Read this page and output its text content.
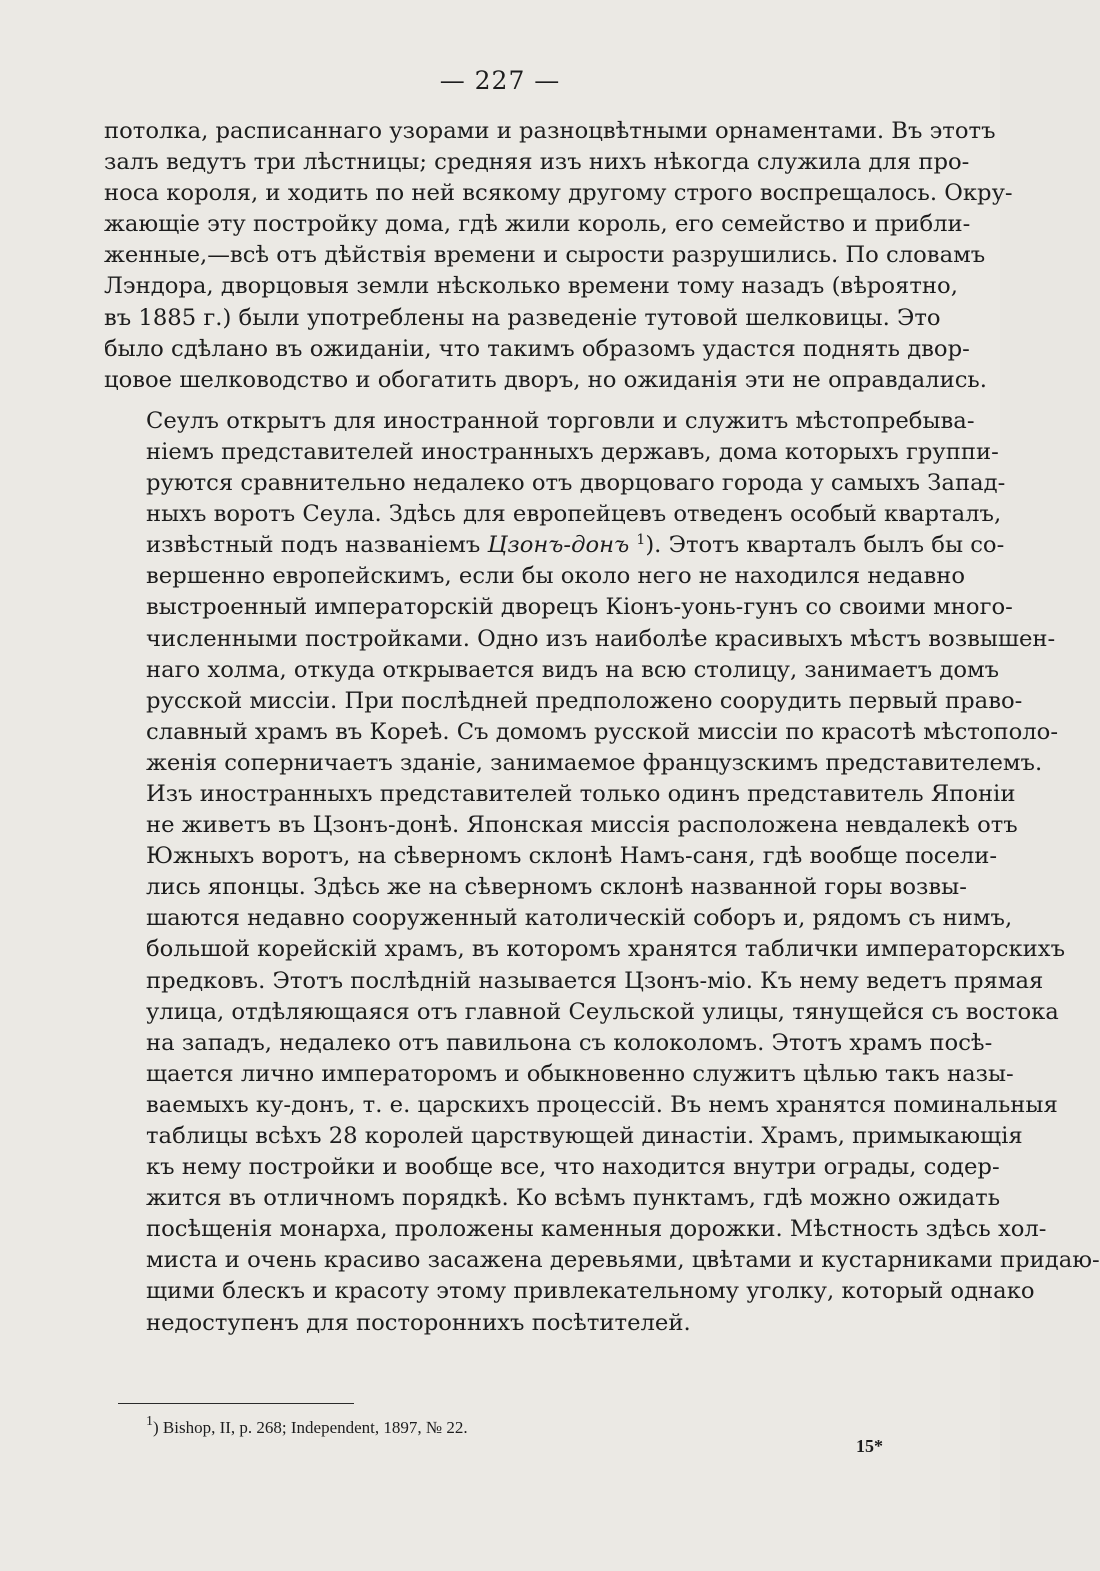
— 227 —

потолка, расписаннаго узорами и разноцвѣтными орнаментами. Въ этотъ
залъ ведутъ три лѣстницы; средняя изъ нихъ нѣкогда служила для про-
носа короля, и ходить по ней всякому другому строго воспрещалось. Окру-
жающіе эту постройку дома, гдѣ жили король, его семейство и прибли-
женные,—всѣ отъ дѣйствія времени и сырости разрушились. По словамъ
Лэндора, дворцовыя земли нѣсколько времени тому назадъ (вѣроятно,
въ 1885 г.) были употреблены на разведеніе тутовой шелковицы. Это
было сдѣлано въ ожиданіи, что такимъ образомъ удастся поднять двор-
цовое шелководство и обогатить дворъ, но ожиданія эти не оправдались.

Сеулъ открытъ для иностранной торговли и служитъ мѣстопребыва-
ніемъ представителей иностранныхъ державъ, дома которыхъ группи-
руются сравнительно недалеко отъ дворцоваго города у самыхъ Запад-
ныхъ воротъ Сеула. Здѣсь для европейцевъ отведенъ особый кварталъ,
извѣстный подъ названіемъ Цзонъ-донъ $^1$). Этотъ кварталъ былъ бы со-
вершенно европейскимъ, если бы около него не находился недавно
выстроенный императорскій дворецъ Кіонъ-уонь-гунъ со своими много-
численными постройками. Одно изъ наиболѣе красивыхъ мѣстъ возвышен-
наго холма, откуда открывается видъ на всю столицу, занимаетъ домъ
русской миссіи. При послѣдней предположено соорудить первый право-
славный храмъ въ Кореѣ. Съ домомъ русской миссіи по красотѣ мѣстополо-
женія соперничаетъ зданіе, занимаемое французскимъ представителемъ.
Изъ иностранныхъ представителей только одинъ представитель Японіи
не живетъ въ Цзонъ-донѣ. Японская миссія расположена невдалекѣ отъ
Южныхъ воротъ, на сѣверномъ склонѣ Намъ-саня, гдѣ вообще посели-
лись японцы. Здѣсь же на сѣверномъ склонѣ названной горы возвы-
шаются недавно сооруженный католическій соборъ и, рядомъ съ нимъ,
большой корейскій храмъ, въ которомъ хранятся таблички императорскихъ
предковъ. Этотъ послѣдній называется Цзонъ-міо. Къ нему ведетъ прямая
улица, отдѣляющаяся отъ главной Сеульской улицы, тянущейся съ востока
на западъ, недалеко отъ павильона съ колоколомъ. Этотъ храмъ посѣ-
щается лично императоромъ и обыкновенно служитъ цѣлью такъ назы-
ваемыхъ ку-донъ, т. е. царскихъ процессій. Въ немъ хранятся поминальныя
таблицы всѣхъ 28 королей царствующей династіи. Храмъ, примыкающія
къ нему постройки и вообще все, что находится внутри ограды, содер-
жится въ отличномъ порядкѣ. Ко всѣмъ пунктамъ, гдѣ можно ожидать
посѣщенія монарха, проложены каменныя дорожки. Мѣстность здѣсь хол-
миста и очень красиво засажена деревьями, цвѣтами и кустарниками придаю-
щими блескъ и красоту этому привлекательному уголку, который однако
недоступенъ для постороннихъ посѣтителей.

$^1$) Bishop, II, p. 268; Independent, 1897, № 22.
15*
